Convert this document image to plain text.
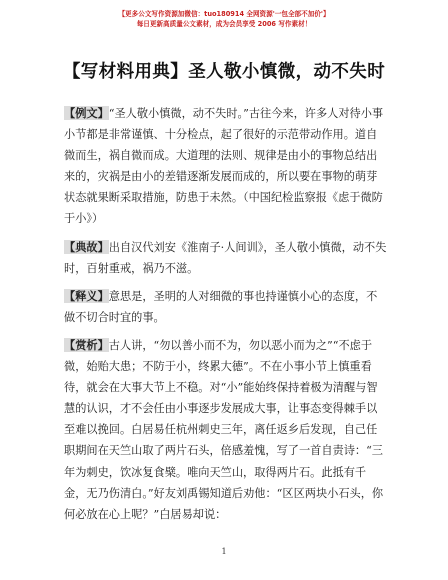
【更多公文写作资源加微信：tuo180914 全网资源'一包全部不加价'】
每日更新高质量公文素材，成为会员享受 2006 写作素材！
【写材料用典】圣人敬小慎微，动不失时

【例文】“圣人敬小慎微，动不失时。”古往今来，许多人对待小事小节都是非常谨慎、十分检点，起了很好的示范带动作用。道自微而生，祸自微而成。大道理的法则、规律是由小的事物总结出来的，灾祸是由小的差错逐渐发展而成的，所以要在事物的萌芽状态就果断采取措施，防患于未然。（中国纪检监察报《虑于微防于小》）

【典故】出自汉代刘安《淮南子·人间训》，圣人敬小慎微，动不失时，百射重戒，祸乃不滋。

【释义】意思是，圣明的人对细微的事也持谨慎小心的态度，不做不切合时宜的事。

【赏析】古人讲，“勿以善小而不为，勿以恶小而为之”“不虑于微，始贻大患；不防于小，终累大德”。不在小事小节上慎重看待，就会在大事大节上不稳。对“小”能始终保持着极为清醒与智慧的认识，才不会任由小事逐步发展成大事，让事态变得棘手以至难以挽回。白居易任杭州刺史三年，离任返乡后发现，自己任职期间在天竺山取了两片石头，倍感羞愧，写了一首自责诗：“三年为刺史，饮冰复食檗。唯向天竺山，取得两片石。此抵有千金，无乃伤清白。”好友刘禹锡知道后劝他：“区区两块小石头，你何必放在心上呢？”白居易却说：

1
